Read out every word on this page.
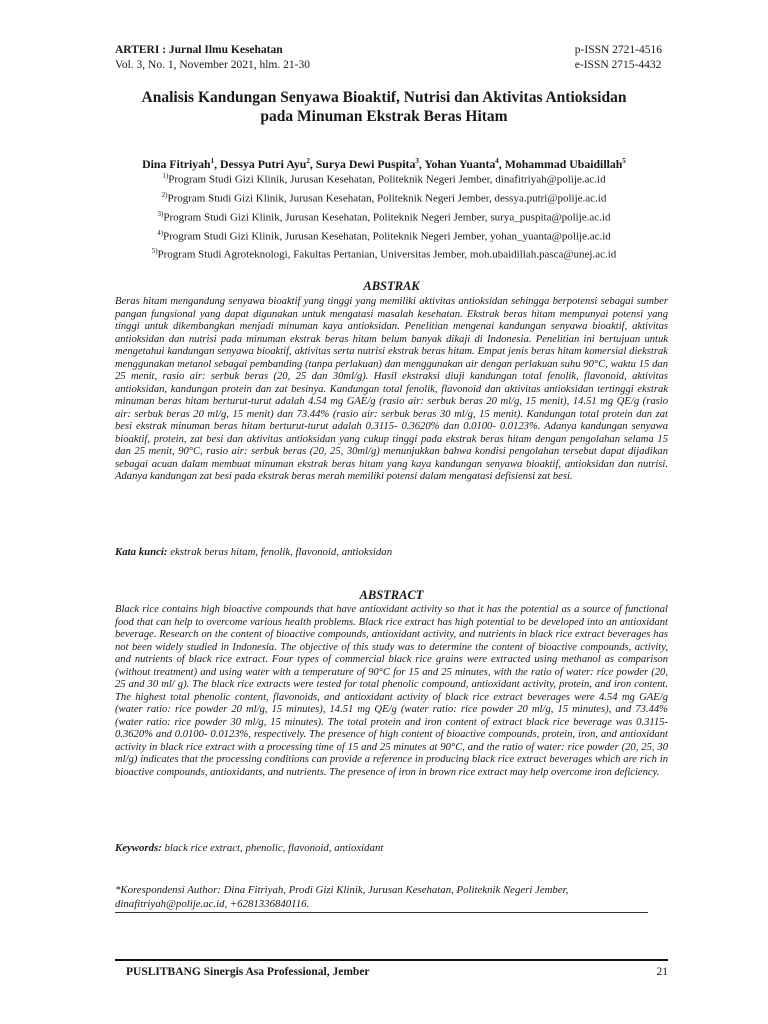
ARTERI : Jurnal Ilmu Kesehatan
Vol. 3, No. 1, November 2021, hlm. 21-30
p-ISSN 2721-4516
e-ISSN 2715-4432
Analisis Kandungan Senyawa Bioaktif, Nutrisi dan Aktivitas Antioksidan
pada Minuman Ekstrak Beras Hitam
Dina Fitriyah$^1$, Dessya Putri Ayu$^2$, Surya Dewi Puspita$^3$, Yohan Yuanta$^4$, Mohammad Ubaidillah$^5$
$^{1)}$Program Studi Gizi Klinik, Jurusan Kesehatan, Politeknik Negeri Jember, dinafitriyah@polije.ac.id
$^{2)}$Program Studi Gizi Klinik, Jurusan Kesehatan, Politeknik Negeri Jember, dessya.putri@polije.ac.id
$^{3)}$Program Studi Gizi Klinik, Jurusan Kesehatan, Politeknik Negeri Jember, surya_puspita@polije.ac.id
$^{4)}$Program Studi Gizi Klinik, Jurusan Kesehatan, Politeknik Negeri Jember, yohan_yuanta@polije.ac.id
$^{5)}$Program Studi Agroteknologi, Fakultas Pertanian, Universitas Jember, moh.ubaidillah.pasca@unej.ac.id
ABSTRAK

Beras hitam mengandung senyawa bioaktif yang tinggi yang memiliki aktivitas antioksidan sehingga berpotensi sebagai sumber pangan fungsional yang dapat digunakan untuk mengatasi masalah kesehatan. Ekstrak beras hitam mempunyai potensi yang tinggi untuk dikembangkan menjadi minuman kaya antioksidan. Penelitian mengenai kandungan senyawa bioaktif, aktivitas antioksidan dan nutrisi pada minuman ekstrak beras hitam belum banyak dikaji di Indonesia. Penelitian ini bertujuan untuk mengetahui kandungan senyawa bioaktif, aktivitas serta nutrisi ekstrak beras hitam. Empat jenis beras hitam komersial diekstrak menggunakan metanol sebagai pembanding (tanpa perlakuan) dan menggunakan air dengan perlakuan suhu 90°C, waktu 15 dan 25 menit, rasio air: serbuk beras (20, 25 dan 30ml/g). Hasil ekstraksi diuji kandungan total fenolik, flavonoid, aktivitas antioksidan, kandungan protein dan zat besinya. Kandungan total fenolik, flavonoid dan aktivitas antioksidan tertinggi ekstrak minuman beras hitam berturut-turut adalah 4.54 mg GAE/g (rasio air: serbuk beras 20 ml/g, 15 menit), 14.51 mg QE/g (rasio air: serbuk beras 20 ml/g, 15 menit) dan 73.44% (rasio air: serbuk beras 30 ml/g, 15 menit). Kandungan total protein dan zat besi ekstrak minuman beras hitam berturut-turut adalah 0.3115- 0.3620% dan 0.0100- 0.0123%. Adanya kandungan senyawa bioaktif, protein, zat besi dan aktivitas antioksidan yang cukup tinggi pada ekstrak beras hitam dengan pengolahan selama 15 dan 25 menit, 90°C, rasio air: serbuk beras (20, 25, 30ml/g) menunjukkan bahwa kondisi pengolahan tersebut dapat dijadikan sebagai acuan dalam membuat minuman ekstrak beras hitam yang kaya kandungan senyawa bioaktif, antioksidan dan nutrisi. Adanya kandungan zat besi pada ekstrak beras merah memiliki potensi dalam mengatasi defisiensi zat besi.

Kata kunci: ekstrak beras hitam, fenolik, flavonoid, antioksidan
ABSTRACT

Black rice contains high bioactive compounds that have antioxidant activity so that it has the potential as a source of functional food that can help to overcome various health problems. Black rice extract has high potential to be developed into an antioxidant beverage. Research on the content of bioactive compounds, antioxidant activity, and nutrients in black rice extract beverages has not been widely studied in Indonesia. The objective of this study was to determine the content of bioactive compounds, activity, and nutrients of black rice extract. Four types of commercial black rice grains were extracted using methanol as comparison (without treatment) and using water with a temperature of 90°C for 15 and 25 minutes, with the ratio of water: rice powder (20, 25 and 30 ml/ g). The black rice extracts were tested for total phenolic compound, antioxidant activity, protein, and iron content. The highest total phenolic content, flavonoids, and antioxidant activity of black rice extract beverages were 4.54 mg GAE/g (water ratio: rice powder 20 ml/g, 15 minutes), 14.51 mg QE/g (water ratio: rice powder 20 ml/g, 15 minutes), and 73.44% (water ratio: rice powder 30 ml/g, 15 minutes). The total protein and iron content of extract black rice beverage was 0.3115- 0.3620% and 0.0100- 0.0123%, respectively. The presence of high content of bioactive compounds, protein, iron, and antioxidant activity in black rice extract with a processing time of 15 and 25 minutes at 90°C, and the ratio of water: rice powder (20, 25, 30 ml/g) indicates that the processing conditions can provide a reference in producing black rice extract beverages which are rich in bioactive compounds, antioxidants, and nutrients. The presence of iron in brown rice extract may help overcome iron deficiency.

Keywords: black rice extract, phenolic, flavonoid, antioxidant
*Korespondensi Author: Dina Fitriyah, Prodi Gizi Klinik, Jurusan Kesehatan, Politeknik Negeri Jember,
dinafitriyah@polije.ac.id, +6281336840116.
PUSLITBANG Sinergis Asa Professional, Jember	21
